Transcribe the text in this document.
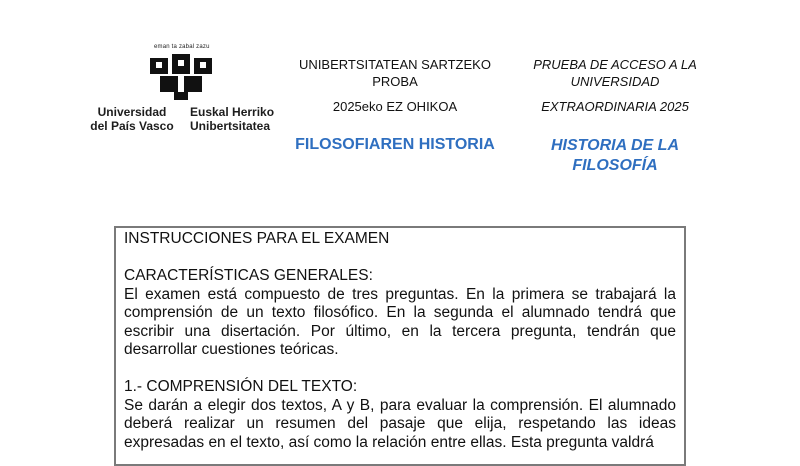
eman ta zabal zazu
Universidad
del País Vasco
Euskal Herriko
Unibertsitatea
UNIBERTSITATEAN SARTZEKO PROBA
2025eko EZ OHIKOA
FILOSOFIAREN HISTORIA
PRUEBA DE ACCESO A LA UNIVERSIDAD
EXTRAORDINARIA 2025
HISTORIA DE LA FILOSOFÍA

INSTRUCCIONES PARA EL EXAMEN

CARACTERÍSTICAS GENERALES:

El examen está compuesto de tres preguntas. En la primera se trabajará la comprensión de un texto filosófico. En la segunda el alumnado tendrá que escribir una disertación. Por último, en la tercera pregunta, tendrán que desarrollar cuestiones teóricas.

1.- COMPRENSIÓN DEL TEXTO:

Se darán a elegir dos textos, A y B, para evaluar la comprensión. El alumnado deberá realizar un resumen del pasaje que elija, respetando las ideas expresadas en el texto, así como la relación entre ellas. Esta pregunta valdrá
